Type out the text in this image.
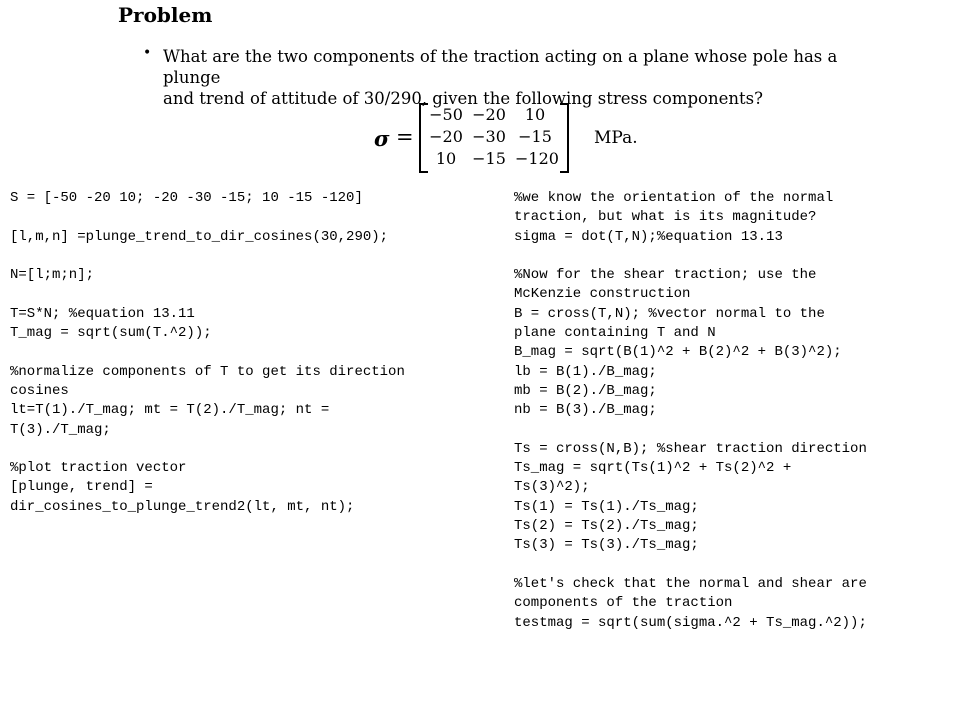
Problem
• What are the two components of the traction acting on a plane whose pole has a plunge
and trend of attitude of 30/290, given the following stress components?
σ =
−50 −20	10
−20 −30 −15
10 −15 −120
MPa.
S = [-50 -20 10; -20 -30 -15; 10 -15 -120]
[l,m,n] =plunge_trend_to_dir_cosines(30,290);
N=[l;m;n];
T=S*N; %equation 13.11
T_mag = sqrt(sum(T.^2));
%normalize components of T to get its direction
cosines
lt=T(1)./T_mag; mt = T(2)./T_mag; nt =
T(3)./T_mag;
%plot traction vector
[plunge, trend] =
dir_cosines_to_plunge_trend2(lt, mt, nt);
%we know the orientation of the normal
traction, but what is its magnitude?
sigma = dot(T,N);%equation 13.13
%Now for the shear traction; use the
McKenzie construction
B = cross(T,N); %vector normal to the
plane containing T and N
B_mag = sqrt(B(1)^2 + B(2)^2 + B(3)^2);
lb = B(1)./B_mag;
mb = B(2)./B_mag;
nb = B(3)./B_mag;
Ts = cross(N,B); %shear traction direction
Ts_mag = sqrt(Ts(1)^2 + Ts(2)^2 +
Ts(3)^2);
Ts(1) = Ts(1)./Ts_mag;
Ts(2) = Ts(2)./Ts_mag;
Ts(3) = Ts(3)./Ts_mag;
%let's check that the normal and shear are
components of the traction
testmag = sqrt(sum(sigma.^2 + Ts_mag.^2));
